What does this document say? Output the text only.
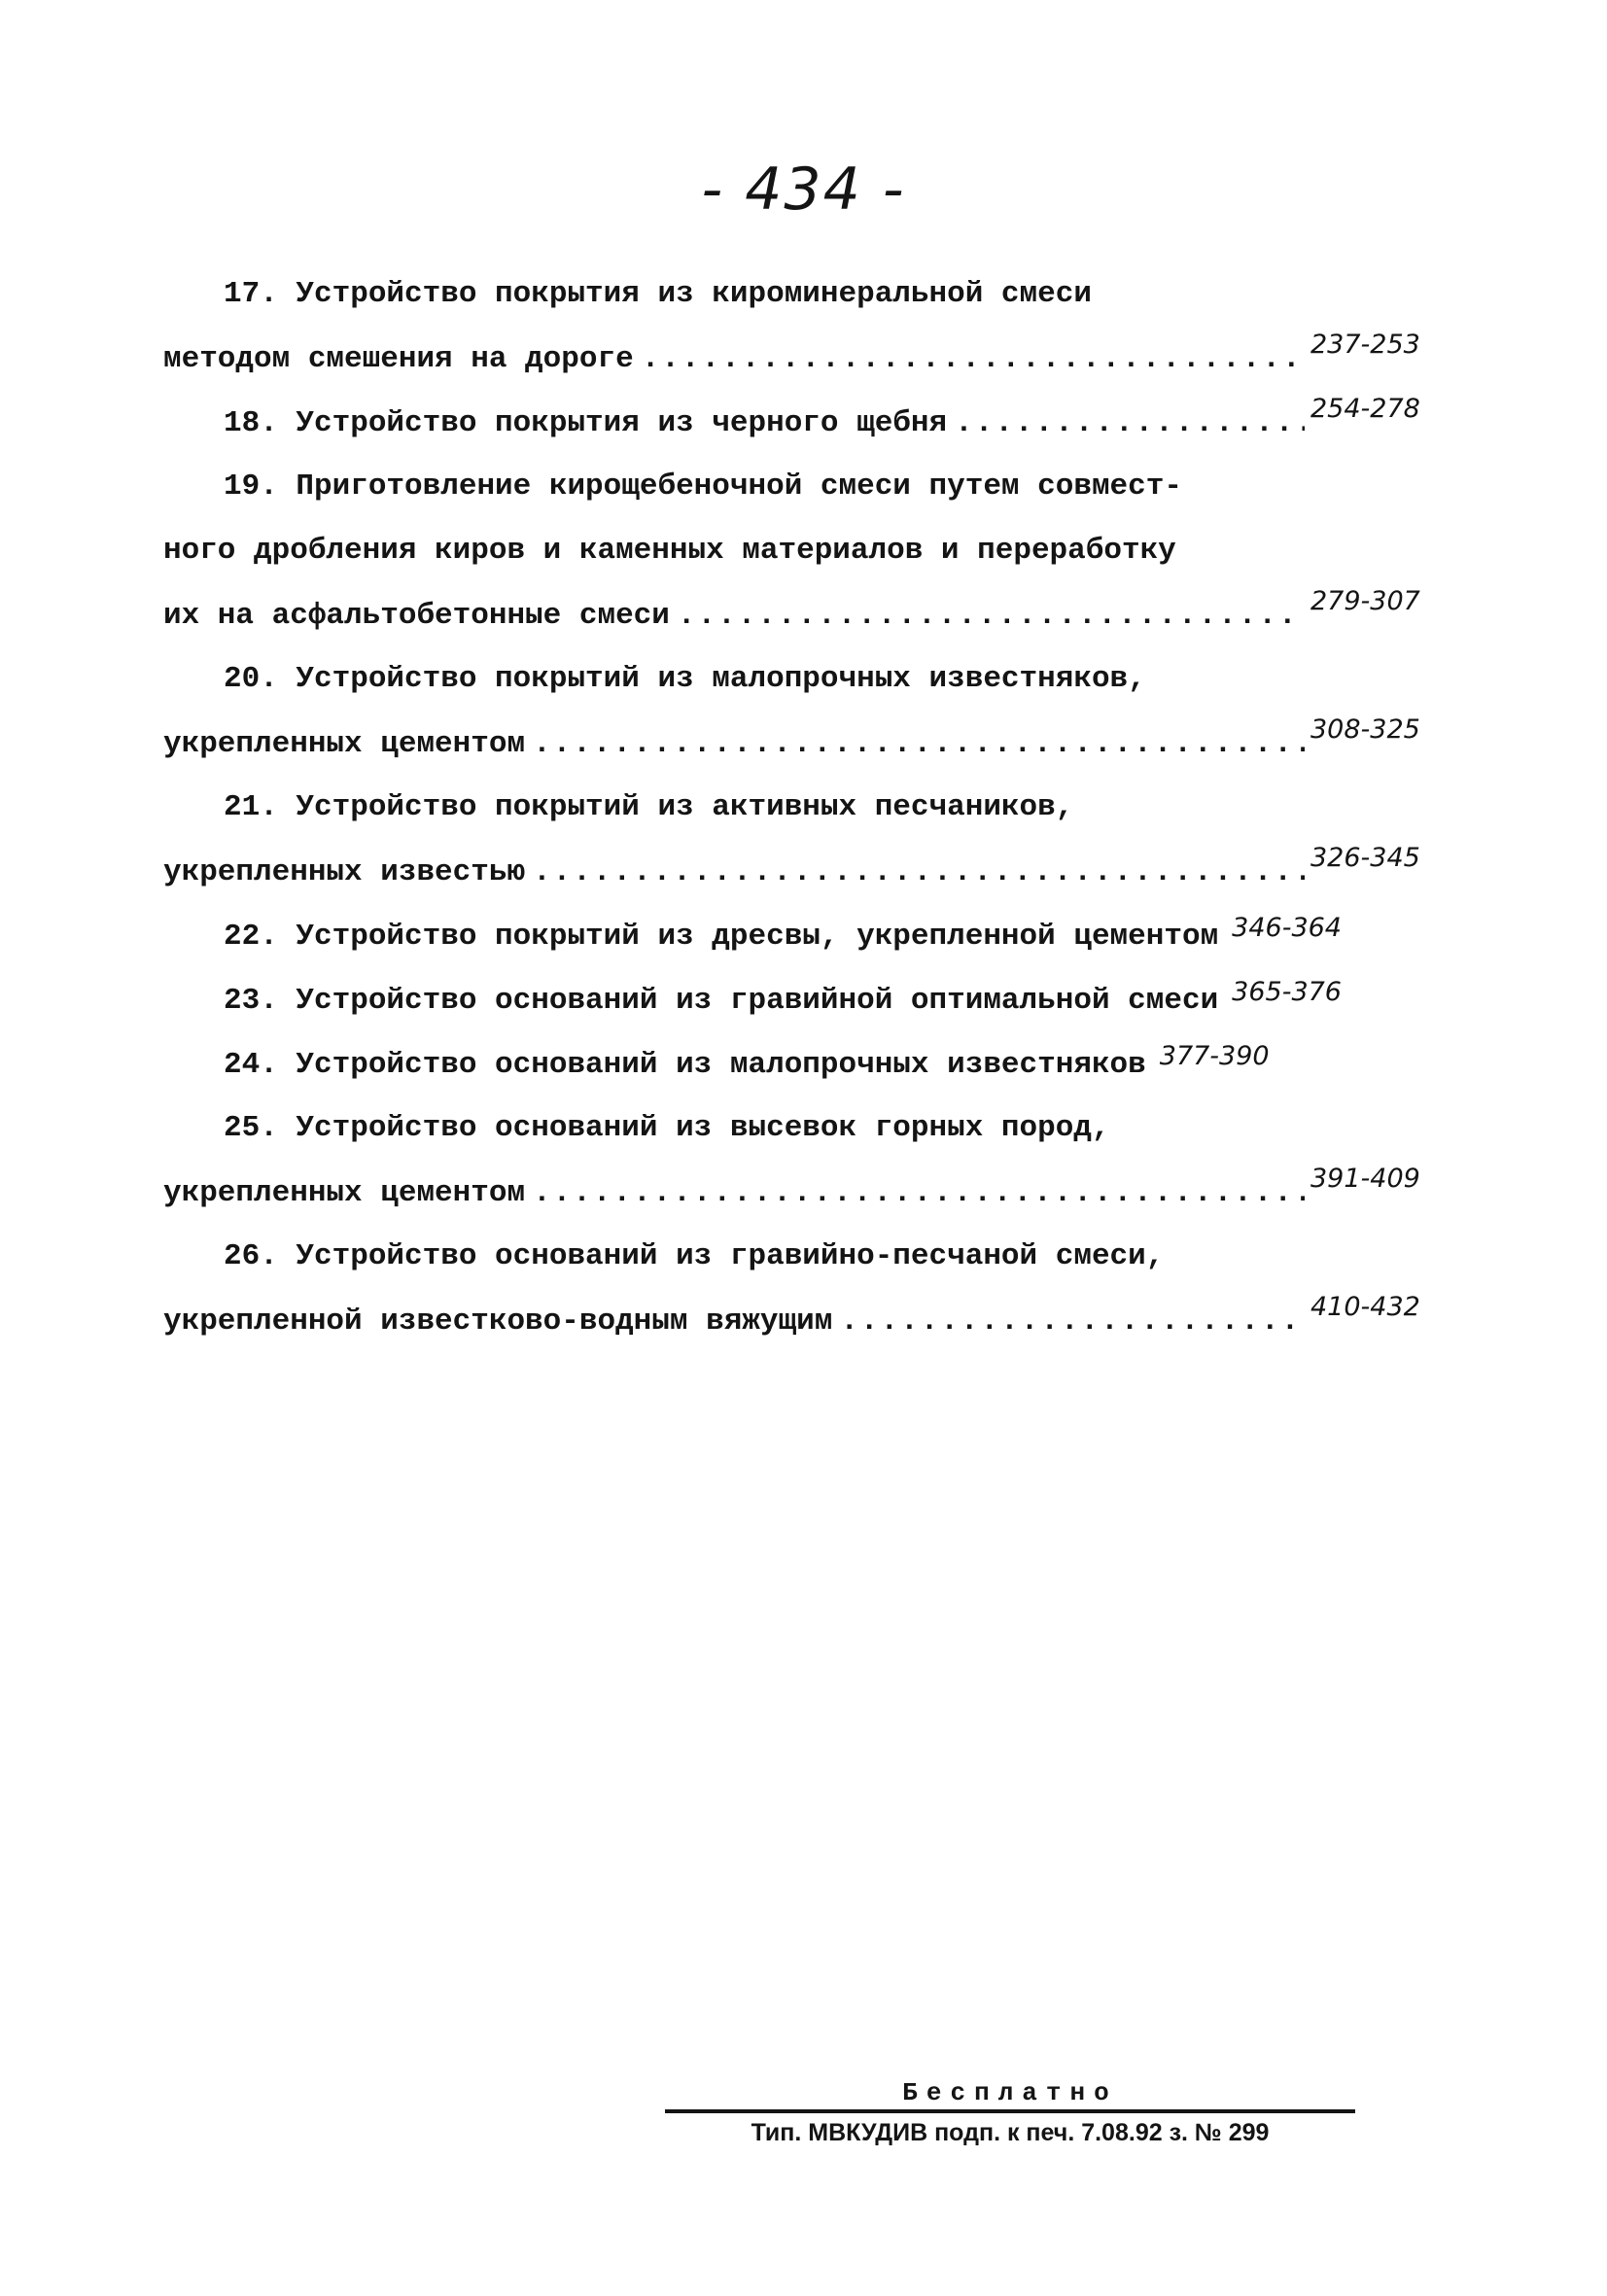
- 434 -
17. Устройство покрытия из кироминеральной смеси
методом смешения на дороге .....	237-253
18. Устройство покрытия из черного щебня .....	254-278
19. Приготовление кирощебеночной смеси путем совмест-
ного дробления киров и каменных материалов и переработку
их на асфальтобетонные смеси .....	279-307
20. Устройство покрытий из малопрочных известняков,
укрепленных цементом .....	308-325
21. Устройство покрытий из активных песчаников,
укрепленных известью .....	326-345
22. Устройство покрытий из дресвы, укрепленной цементом 346-364
23. Устройство оснований из гравийной оптимальной смеси 365-376
24. Устройство оснований из малопрочных известняков 377-390
25. Устройство оснований из высевок горных пород,
укрепленных цементом .....	391-409
26. Устройство оснований из гравийно-песчаной смеси,
укрепленной известково-водным вяжущим .....	410-432
Бесплатно
Тип. МВКУДИВ подп. к печ. 7.08.92 з. № 299
